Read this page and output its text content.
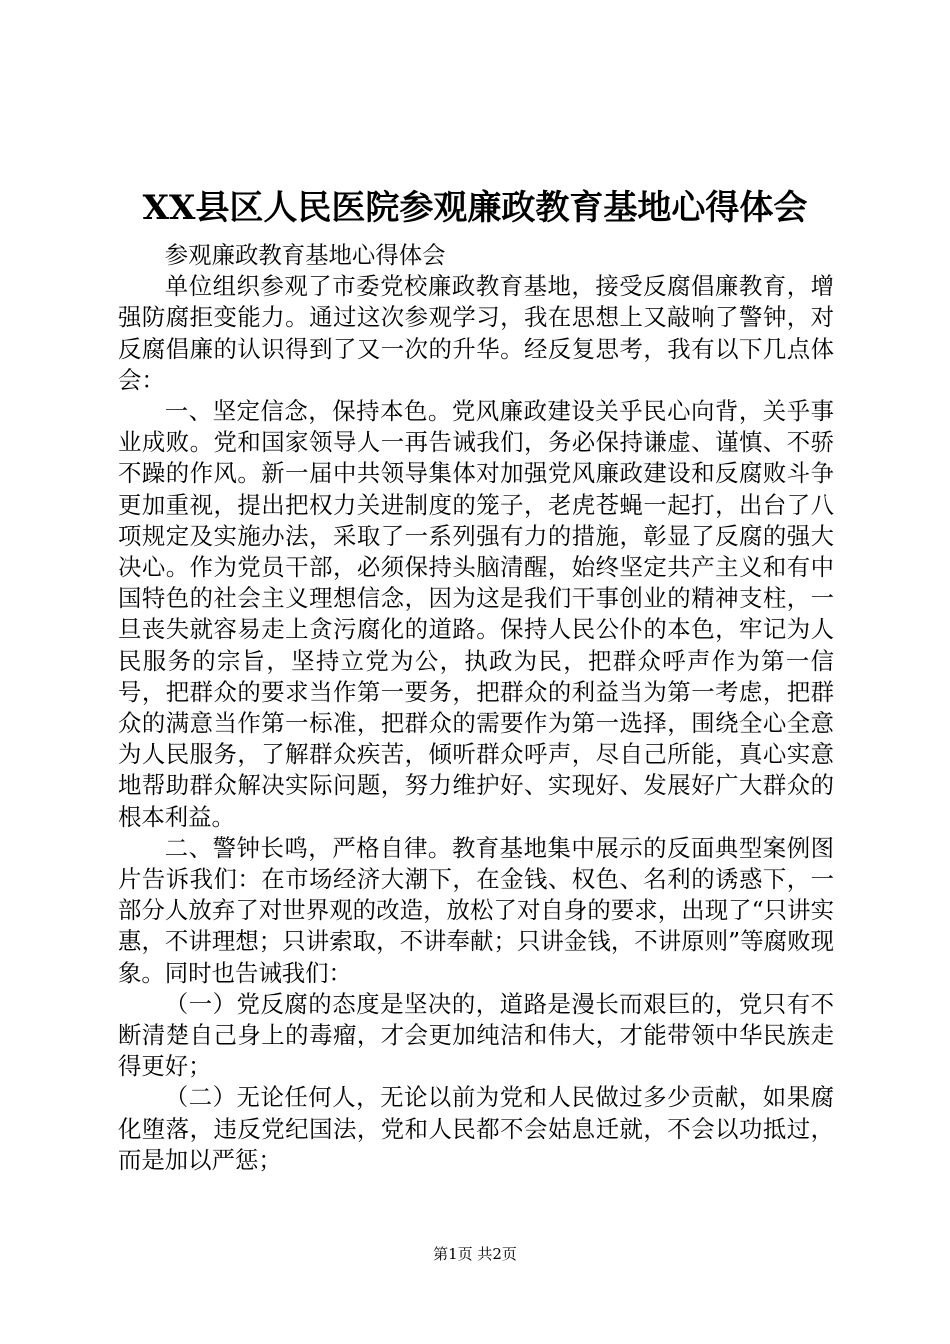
XX县区人民医院参观廉政教育基地心得体会

参观廉政教育基地心得体会

单位组织参观了市委党校廉政教育基地，接受反腐倡廉教育，增强防腐拒变能力。通过这次参观学习，我在思想上又敲响了警钟，对反腐倡廉的认识得到了又一次的升华。经反复思考，我有以下几点体会：

一、坚定信念，保持本色。党风廉政建设关乎民心向背，关乎事业成败。党和国家领导人一再告诫我们，务必保持谦虚、谨慎、不骄不躁的作风。新一届中共领导集体对加强党风廉政建设和反腐败斗争更加重视，提出把权力关进制度的笼子，老虎苍蝇一起打，出台了八项规定及实施办法，采取了一系列强有力的措施，彰显了反腐的强大决心。作为党员干部，必须保持头脑清醒，始终坚定共产主义和有中国特色的社会主义理想信念，因为这是我们干事创业的精神支柱，一旦丧失就容易走上贪污腐化的道路。保持人民公仆的本色，牢记为人民服务的宗旨，坚持立党为公，执政为民，把群众呼声作为第一信号，把群众的要求当作第一要务，把群众的利益当为第一考虑，把群众的满意当作第一标准，把群众的需要作为第一选择，围绕全心全意为人民服务，了解群众疾苦，倾听群众呼声，尽自己所能，真心实意地帮助群众解决实际问题，努力维护好、实现好、发展好广大群众的根本利益。

二、警钟长鸣，严格自律。教育基地集中展示的反面典型案例图片告诉我们：在市场经济大潮下，在金钱、权色、名利的诱惑下，一部分人放弃了对世界观的改造，放松了对自身的要求，出现了“只讲实惠，不讲理想；只讲索取，不讲奉献；只讲金钱，不讲原则”等腐败现象。同时也告诫我们：

（一）党反腐的态度是坚决的，道路是漫长而艰巨的，党只有不断清楚自己身上的毒瘤，才会更加纯洁和伟大，才能带领中华民族走得更好；

（二）无论任何人，无论以前为党和人民做过多少贡献，如果腐化堕落，违反党纪国法，党和人民都不会姑息迁就，不会以功抵过，而是加以严惩；

第1页 共2页
